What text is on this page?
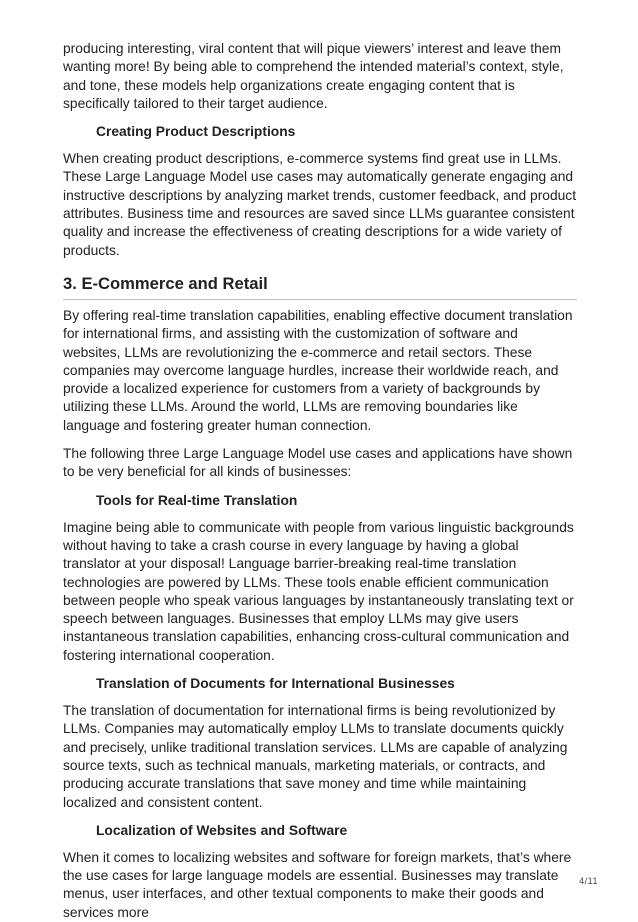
producing interesting, viral content that will pique viewers’ interest and leave them wanting more! By being able to comprehend the intended material’s context, style, and tone, these models help organizations create engaging content that is specifically tailored to their target audience.

Creating Product Descriptions

When creating product descriptions, e-commerce systems find great use in LLMs. These Large Language Model use cases may automatically generate engaging and instructive descriptions by analyzing market trends, customer feedback, and product attributes. Business time and resources are saved since LLMs guarantee consistent quality and increase the effectiveness of creating descriptions for a wide variety of products.

3. E-Commerce and Retail

By offering real-time translation capabilities, enabling effective document translation for international firms, and assisting with the customization of software and websites, LLMs are revolutionizing the e-commerce and retail sectors. These companies may overcome language hurdles, increase their worldwide reach, and provide a localized experience for customers from a variety of backgrounds by utilizing these LLMs. Around the world, LLMs are removing boundaries like language and fostering greater human connection.

The following three Large Language Model use cases and applications have shown to be very beneficial for all kinds of businesses:

Tools for Real-time Translation

Imagine being able to communicate with people from various linguistic backgrounds without having to take a crash course in every language by having a global translator at your disposal! Language barrier-breaking real-time translation technologies are powered by LLMs. These tools enable efficient communication between people who speak various languages by instantaneously translating text or speech between languages. Businesses that employ LLMs may give users instantaneous translation capabilities, enhancing cross-cultural communication and fostering international cooperation.

Translation of Documents for International Businesses

The translation of documentation for international firms is being revolutionized by LLMs. Companies may automatically employ LLMs to translate documents quickly and precisely, unlike traditional translation services. LLMs are capable of analyzing source texts, such as technical manuals, marketing materials, or contracts, and producing accurate translations that save money and time while maintaining localized and consistent content.

Localization of Websites and Software

When it comes to localizing websites and software for foreign markets, that’s where the use cases for large language models are essential. Businesses may translate menus, user interfaces, and other textual components to make their goods and services more

4/11
